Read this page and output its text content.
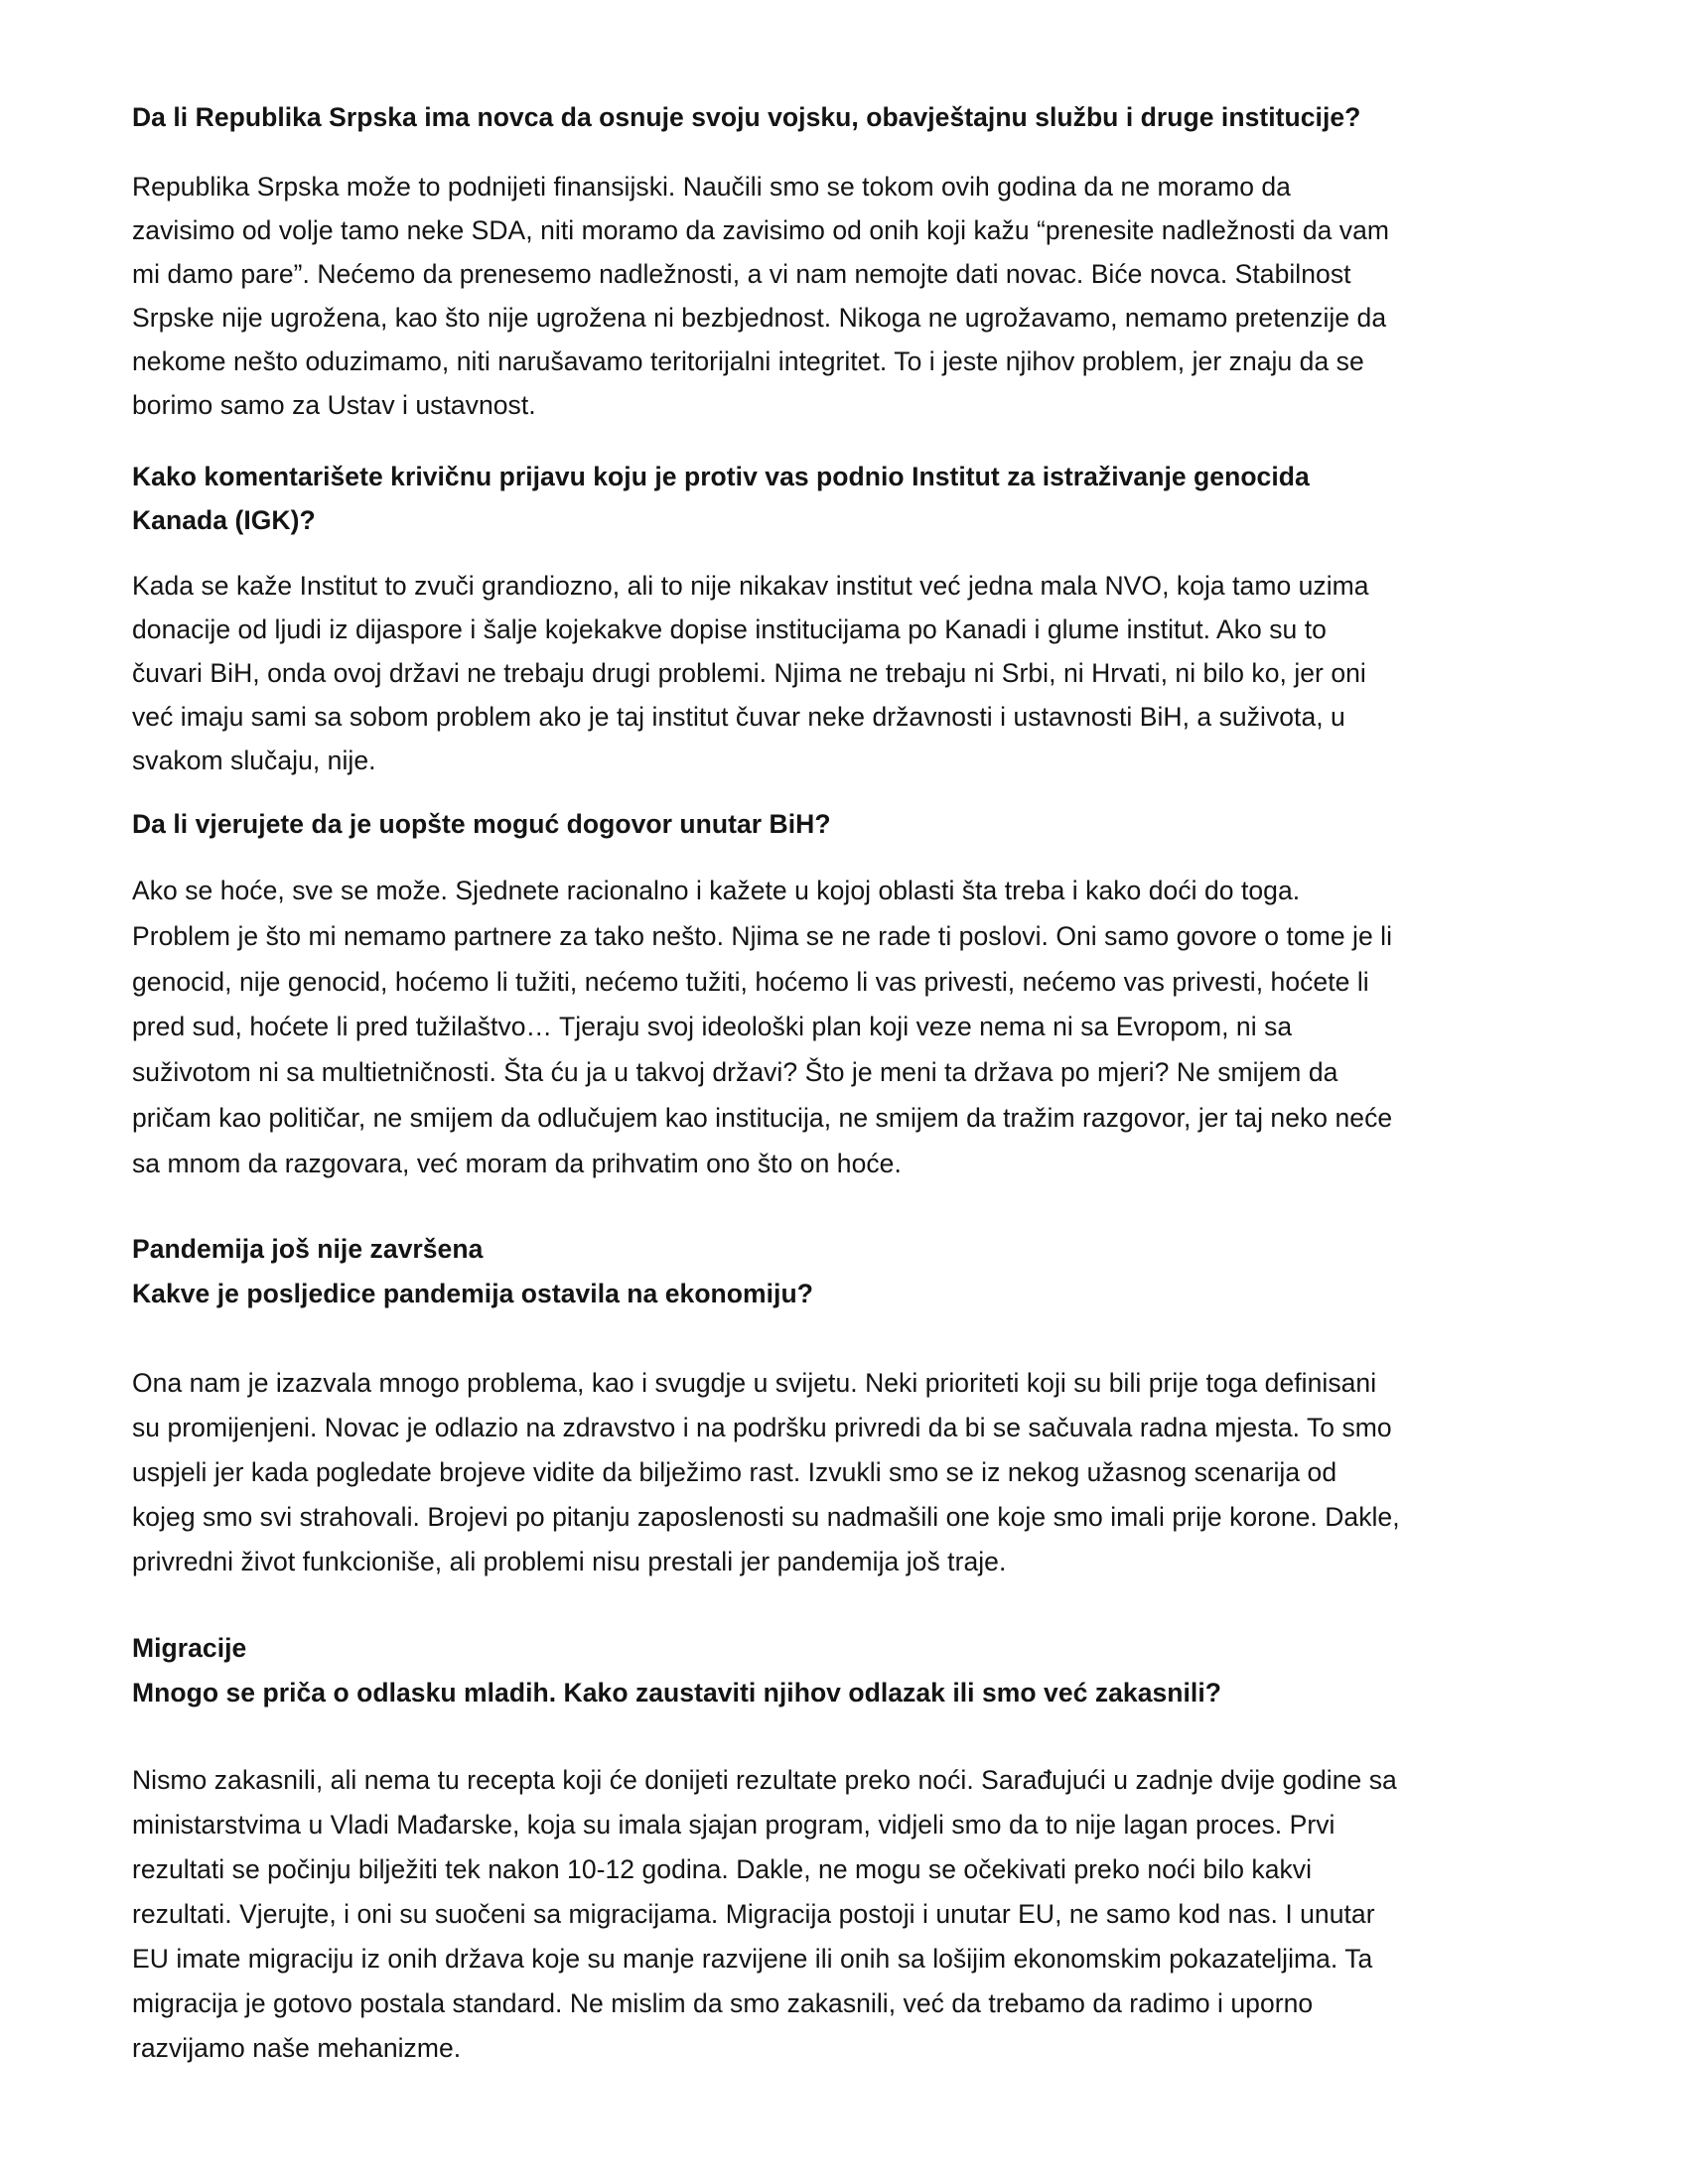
Da li Republika Srpska ima novca da osnuje svoju vojsku, obavještajnu službu i druge institucije?
Republika Srpska može to podnijeti finansijski. Naučili smo se tokom ovih godina da ne moramo da
zavisimo od volje tamo neke SDA, niti moramo da zavisimo od onih koji kažu “prenesite nadležnosti da vam
mi damo pare”. Nećemo da prenesemo nadležnosti, a vi nam nemojte dati novac. Biće novca. Stabilnost
Srpske nije ugrožena, kao što nije ugrožena ni bezbjednost. Nikoga ne ugrožavamo, nemamo pretenzije da
nekome nešto oduzimamo, niti narušavamo teritorijalni integritet. To i jeste njihov problem, jer znaju da se
borimo samo za Ustav i ustavnost.
Kako komentarišete krivičnu prijavu koju je protiv vas podnio Institut za istraživanje genocida
Kanada (IGK)?
Kada se kaže Institut to zvuči grandiozno, ali to nije nikakav institut već jedna mala NVO, koja tamo uzima
donacije od ljudi iz dijaspore i šalje kojekakve dopise institucijama po Kanadi i glume institut. Ako su to
čuvari BiH, onda ovoj državi ne trebaju drugi problemi. Njima ne trebaju ni Srbi, ni Hrvati, ni bilo ko, jer oni
već imaju sami sa sobom problem ako je taj institut čuvar neke državnosti i ustavnosti BiH, a suživota, u
svakom slučaju, nije.
Da li vjerujete da je uopšte moguć dogovor unutar BiH?
Ako se hoće, sve se može. Sjednete racionalno i kažete u kojoj oblasti šta treba i kako doći do toga.
Problem je što mi nemamo partnere za tako nešto. Njima se ne rade ti poslovi. Oni samo govore o tome je li
genocid, nije genocid, hoćemo li tužiti, nećemo tužiti, hoćemo li vas privesti, nećemo vas privesti, hoćete li
pred sud, hoćete li pred tužilaštvo… Tjeraju svoj ideološki plan koji veze nema ni sa Evropom, ni sa
suživotom ni sa multietničnosti. Šta ću ja u takvoj državi? Što je meni ta država po mjeri? Ne smijem da
pričam kao političar, ne smijem da odlučujem kao institucija, ne smijem da tražim razgovor, jer taj neko neće
sa mnom da razgovara, već moram da prihvatim ono što on hoće.
Pandemija još nije završena
Kakve je posljedice pandemija ostavila na ekonomiju?
Ona nam je izazvala mnogo problema, kao i svugdje u svijetu. Neki prioriteti koji su bili prije toga definisani
su promijenjeni. Novac je odlazio na zdravstvo i na podršku privredi da bi se sačuvala radna mjesta. To smo
uspjeli jer kada pogledate brojeve vidite da bilježimo rast. Izvukli smo se iz nekog užasnog scenarija od
kojeg smo svi strahovali. Brojevi po pitanju zaposlenosti su nadmašili one koje smo imali prije korone. Dakle,
privredni život funkcioniše, ali problemi nisu prestali jer pandemija još traje.
Migracije
Mnogo se priča o odlasku mladih. Kako zaustaviti njihov odlazak ili smo već zakasnili?
Nismo zakasnili, ali nema tu recepta koji će donijeti rezultate preko noći. Sarađujući u zadnje dvije godine sa
ministarstvima u Vladi Mađarske, koja su imala sjajan program, vidjeli smo da to nije lagan proces. Prvi
rezultati se počinju bilježiti tek nakon 10-12 godina. Dakle, ne mogu se očekivati preko noći bilo kakvi
rezultati. Vjerujte, i oni su suočeni sa migracijama. Migracija postoji i unutar EU, ne samo kod nas. I unutar
EU imate migraciju iz onih država koje su manje razvijene ili onih sa lošijim ekonomskim pokazateljima. Ta
migracija je gotovo postala standard. Ne mislim da smo zakasnili, već da trebamo da radimo i uporno
razvijamo naše mehanizme.
